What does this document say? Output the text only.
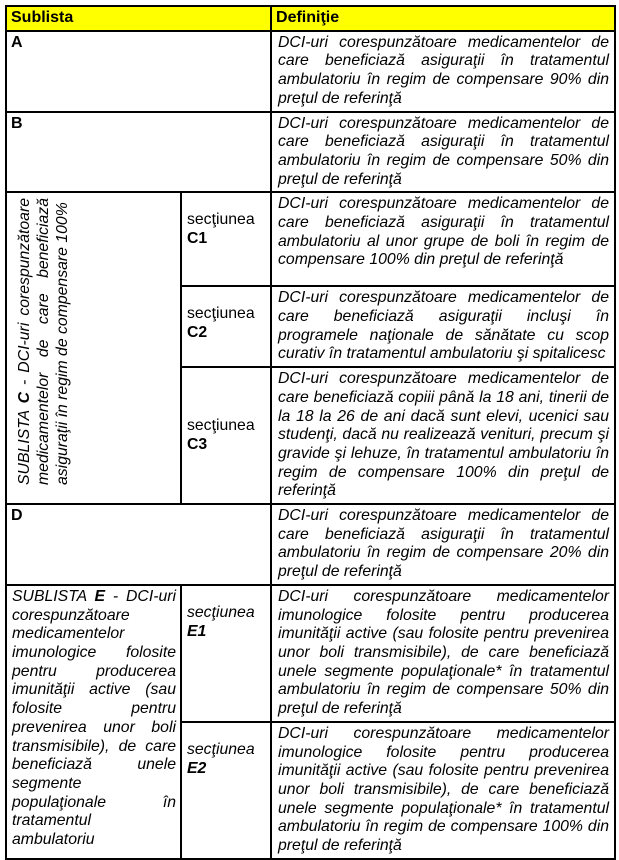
Sublista		Definiţie
A		DCI-uri corespunzătoare medicamentelor de care beneficiază asiguraţii în tratamentul ambulatoriu în regim de compensare 90% din preţul de referinţă
B		DCI-uri corespunzătoare medicamentelor de care beneficiază asiguraţii în tratamentul ambulatoriu în regim de compensare 50% din preţul de referinţă

SUBLISTA C - DCI-uri corespunzătoare medicamentelor de care beneficiază asiguraţii în regim de compensare 100%	secţiunea C1	DCI-uri corespunzătoare medicamentelor de care beneficiază asiguraţii în tratamentul ambulatoriu al unor grupe de boli în regim de compensare 100% din preţul de referinţă
	secţiunea C2	DCI-uri corespunzătoare medicamentelor de care beneficiază asiguraţii incluşi în programele naţionale de sănătate cu scop curativ în tratamentul ambulatoriu şi spitalicesc
	secţiunea C3	DCI-uri corespunzătoare medicamentelor de care beneficiază copiii până la 18 ani, tinerii de la 18 la 26 de ani dacă sunt elevi, ucenici sau studenţi, dacă nu realizează venituri, precum şi gravide şi lehuze, în tratamentul ambulatoriu în regim de compensare 100% din preţul de referinţă
D		DCI-uri corespunzătoare medicamentelor de care beneficiază asiguraţii în tratamentul ambulatoriu în regim de compensare 20% din preţul de referinţă
SUBLISTA E - DCI-uri corespunzătoare medicamentelor imunologice folosite pentru producerea imunităţii active (sau folosite pentru prevenirea unor boli transmisibile), de care beneficiază unele segmente populaţionale în tratamentul ambulatoriu	secţiunea E1	DCI-uri corespunzătoare medicamentelor imunologice folosite pentru producerea imunităţii active (sau folosite pentru prevenirea unor boli transmisibile), de care beneficiază unele segmente populaţionale* în tratamentul ambulatoriu în regim de compensare 50% din preţul de referinţă
	secţiunea E2	DCI-uri corespunzătoare medicamentelor imunologice folosite pentru producerea imunităţii active (sau folosite pentru prevenirea unor boli transmisibile), de care beneficiază unele segmente populaţionale* în tratamentul ambulatoriu în regim de compensare 100% din preţul de referinţă
